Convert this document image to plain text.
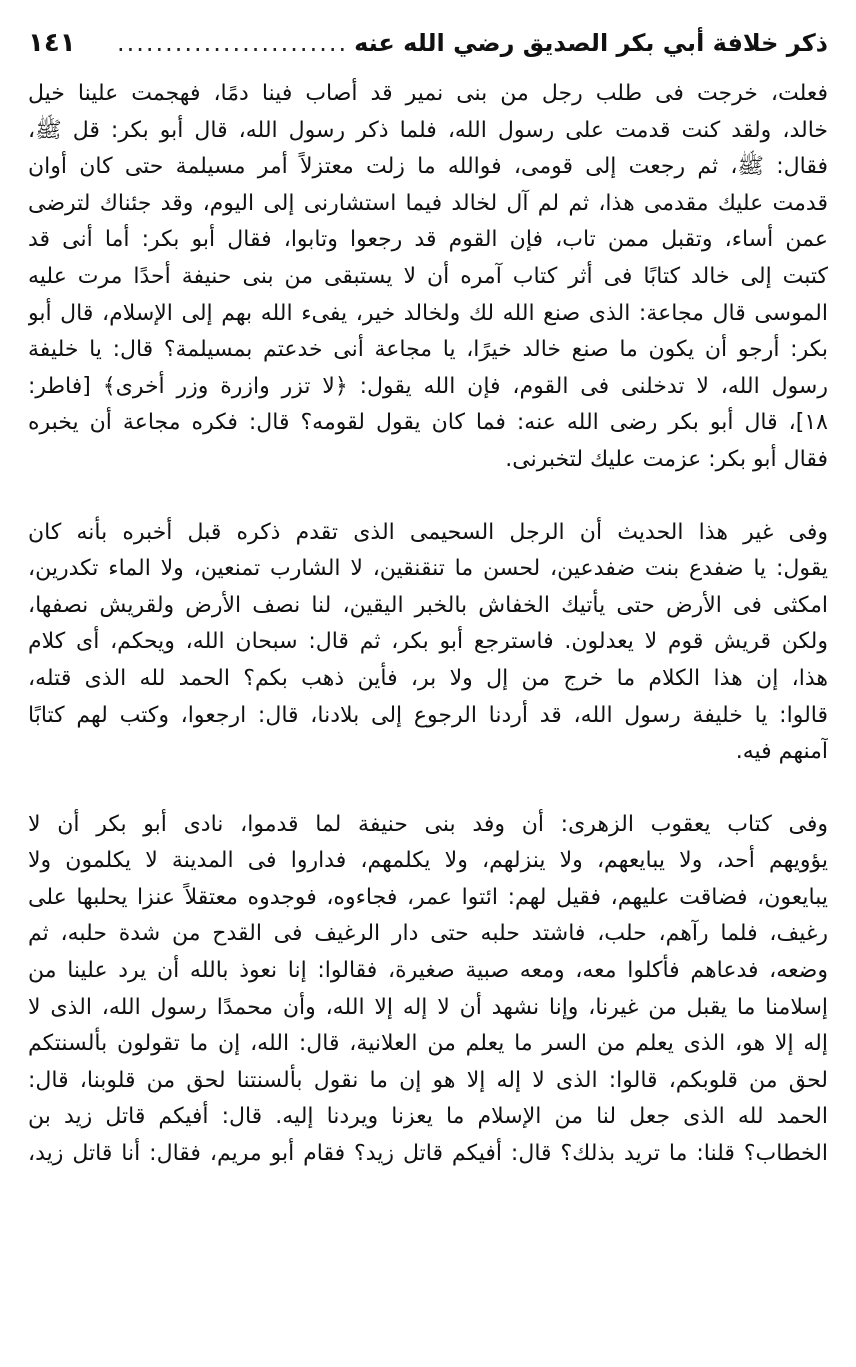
ذكر خلافة أبي بكر الصديق رضي الله عنه
........................
١٤١
فعلت، خرجت فى طلب رجل من بنى نمير قد أصاب فينا دمًا، فهجمت علينا خيل
خالد، ولقد كنت قدمت على رسول الله، فلما ذكر رسول الله، قال أبو بكر: قل ﷺ،
فقال: ﷺ، ثم رجعت إلى قومى، فوالله ما زلت معتزلاً أمر مسيلمة حتى كان أوان
قدمت عليك مقدمى هذا، ثم لم آل لخالد فيما استشارنى إلى اليوم، وقد جئناك لترضى
عمن أساء، وتقبل ممن تاب، فإن القوم قد رجعوا وتابوا، فقال أبو بكر: أما أنى قد
كتبت إلى خالد كتابًا فى أثر كتاب آمره أن لا يستبقى من بنى حنيفة أحدًا مرت عليه
الموسى قال مجاعة: الذى صنع الله لك ولخالد خير، يفىء الله بهم إلى الإسلام، قال أبو
بكر: أرجو أن يكون ما صنع خالد خيرًا، يا مجاعة أنى خدعتم بمسيلمة؟ قال: يا خليفة
رسول الله، لا تدخلنى فى القوم، فإن الله يقول: ﴿لا تزر وازرة وزر أخرى﴾ [فاطر:
١٨]، قال أبو بكر رضى الله عنه: فما كان يقول لقومه؟ قال: فكره مجاعة أن يخبره
فقال أبو بكر: عزمت عليك لتخبرنى.
وفى غير هذا الحديث أن الرجل السحيمى الذى تقدم ذكره قبل أخبره بأنه كان
يقول: يا ضفدع بنت ضفدعين، لحسن ما تنقنقين، لا الشارب تمنعين، ولا الماء تكدرين،
امكثى فى الأرض حتى يأتيك الخفاش بالخبر اليقين، لنا نصف الأرض ولقريش نصفها،
ولكن قريش قوم لا يعدلون. فاسترجع أبو بكر، ثم قال: سبحان الله، ويحكم، أى كلام
هذا، إن هذا الكلام ما خرج من إل ولا بر، فأين ذهب بكم؟ الحمد لله الذى قتله،
قالوا: يا خليفة رسول الله، قد أردنا الرجوع إلى بلادنا، قال: ارجعوا، وكتب لهم كتابًا
آمنهم فيه.
وفى كتاب يعقوب الزهرى: أن وفد بنى حنيفة لما قدموا، نادى أبو بكر أن لا
يؤويهم أحد، ولا يبايعهم، ولا ينزلهم، ولا يكلمهم، فداروا فى المدينة لا يكلمون ولا
يبايعون، فضاقت عليهم، فقيل لهم: ائتوا عمر، فجاءوه، فوجدوه معتقلاً عنزا يحلبها على
رغيف، فلما رآهم، حلب، فاشتد حلبه حتى دار الرغيف فى القدح من شدة حلبه، ثم
وضعه، فدعاهم فأكلوا معه، ومعه صبية صغيرة، فقالوا: إنا نعوذ بالله أن يرد علينا من
إسلامنا ما يقبل من غيرنا، وإنا نشهد أن لا إله إلا الله، وأن محمدًا رسول الله، الذى لا
إله إلا هو، الذى يعلم من السر ما يعلم من العلانية، قال: الله، إن ما تقولون بألسنتكم
لحق من قلوبكم، قالوا: الذى لا إله إلا هو إن ما نقول بألسنتنا لحق من قلوبنا، قال:
الحمد لله الذى جعل لنا من الإسلام ما يعزنا ويردنا إليه. قال: أفيكم قاتل زيد بن
الخطاب؟ قلنا: ما تريد بذلك؟ قال: أفيكم قاتل زيد؟ فقام أبو مريم، فقال: أنا قاتل زيد،
